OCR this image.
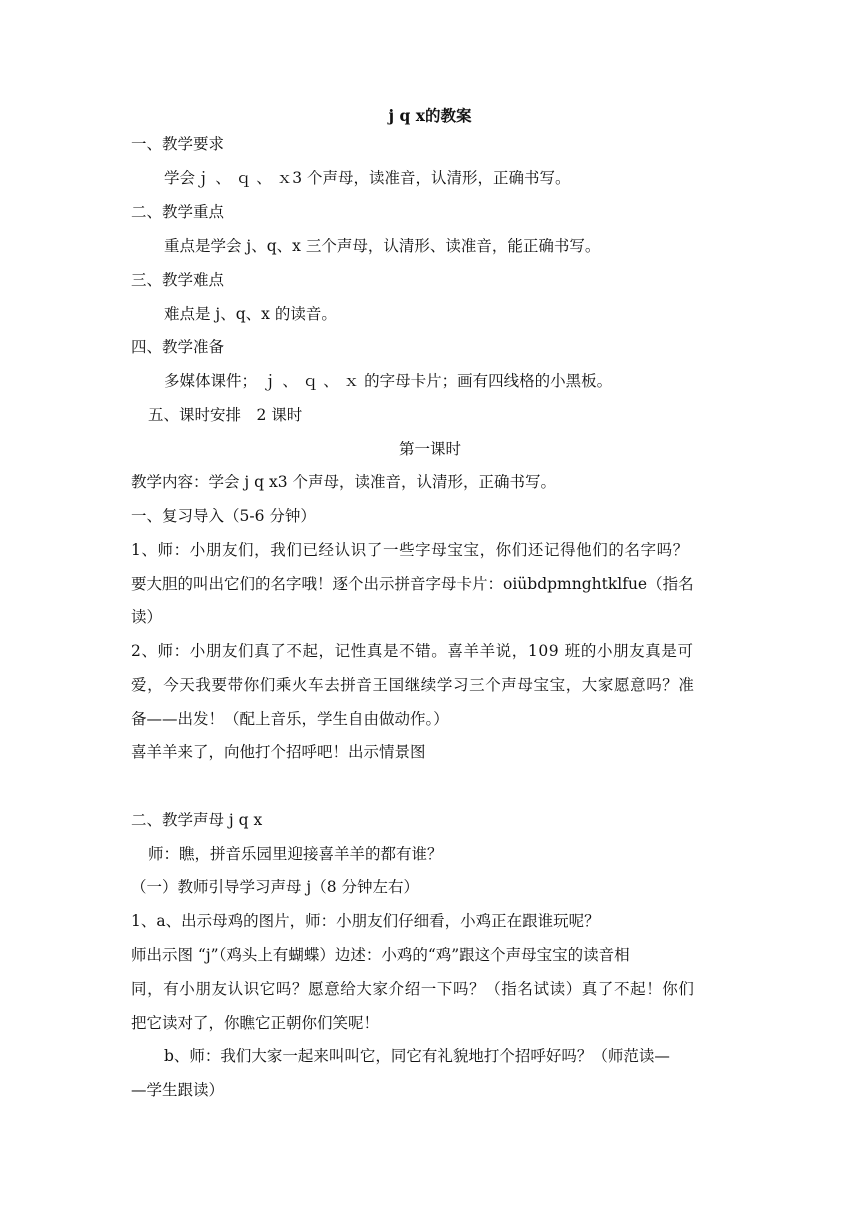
j q x的教案
一、教学要求
学会ｊ 、 ｑ 、 ｘ3 个声母，读准音，认清形，正确书写。
二、教学重点
重点是学会 j、q、x 三个声母，认清形、读准音，能正确书写。
三、教学难点
难点是 j、q、x 的读音。
四、教学准备
多媒体课件； ｊ 、 ｑ 、 ｘ 的字母卡片；画有四线格的小黑板。
五、课时安排　2 课时
第一课时
教学内容：学会 j q x3 个声母，读准音，认清形，正确书写。
一、复习导入（5-6 分钟）
1、师：小朋友们，我们已经认识了一些字母宝宝，你们还记得他们的名字吗？
要大胆的叫出它们的名字哦！逐个出示拼音字母卡片：oiübdpmnghtklfue（指名
读）
2、师：小朋友们真了不起，记性真是不错。喜羊羊说，109 班的小朋友真是可
爱，今天我要带你们乘火车去拼音王国继续学习三个声母宝宝，大家愿意吗？准
备——出发！（配上音乐，学生自由做动作。）
喜羊羊来了，向他打个招呼吧！出示情景图
二、教学声母 j q x
师：瞧，拼音乐园里迎接喜羊羊的都有谁？
（一）教师引导学习声母 j（8 分钟左右）
1、a、出示母鸡的图片，师：小朋友们仔细看，小鸡正在跟谁玩呢？
师出示图 “j”（鸡头上有蝴蝶）边述：小鸡的“鸡”跟这个声母宝宝的读音相
同，有小朋友认识它吗？愿意给大家介绍一下吗？（指名试读）真了不起！你们
把它读对了，你瞧它正朝你们笑呢！
b、师：我们大家一起来叫叫它，同它有礼貌地打个招呼好吗？（师范读—
—学生跟读）
